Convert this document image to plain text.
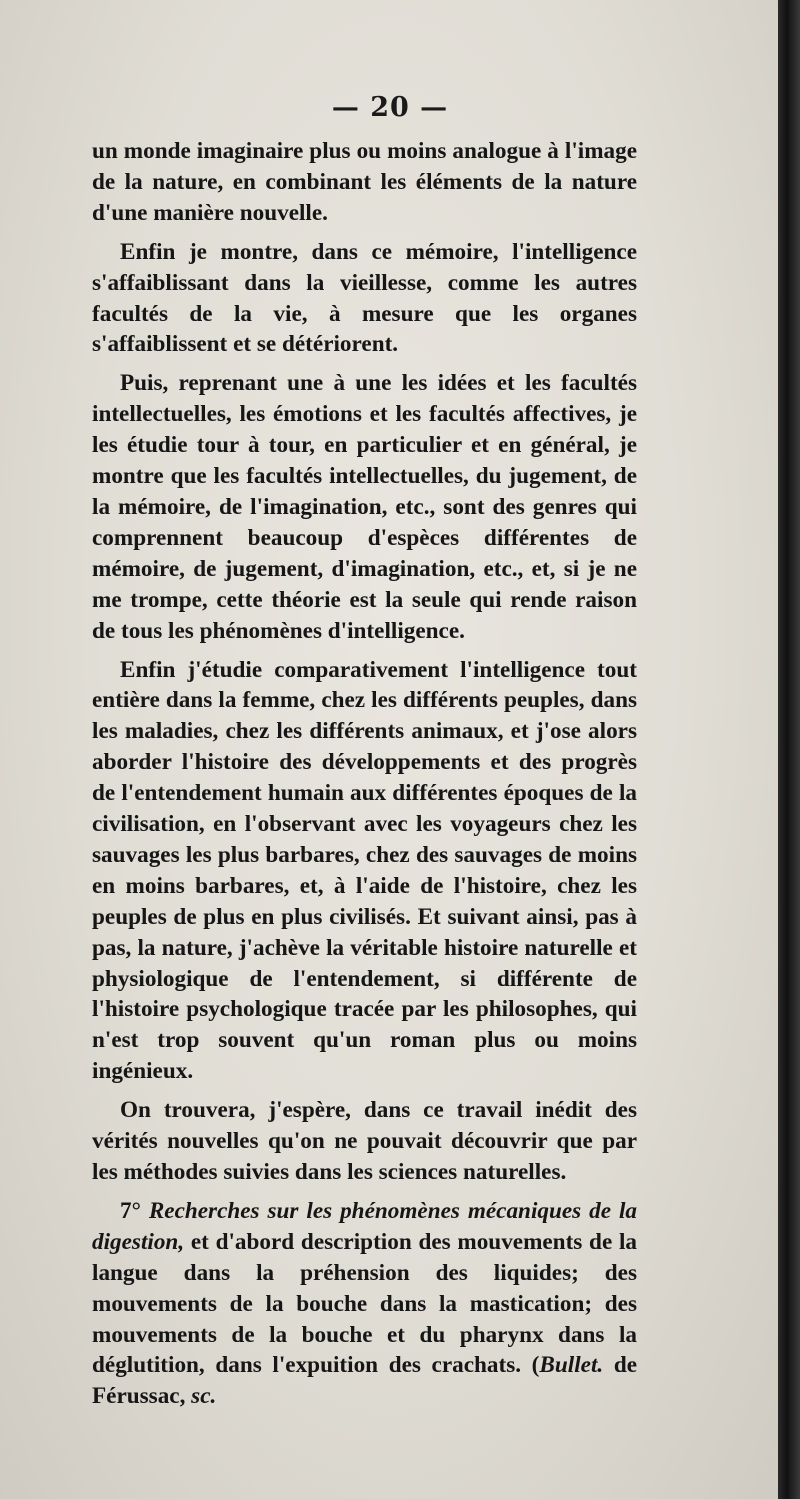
— 20 —

un monde imaginaire plus ou moins analogue à l'image de la nature, en combinant les éléments de la nature d'une manière nouvelle.

Enfin je montre, dans ce mémoire, l'intelligence s'affaiblissant dans la vieillesse, comme les autres facultés de la vie, à mesure que les organes s'affaiblissent et se détériorent.

Puis, reprenant une à une les idées et les facultés intellectuelles, les émotions et les facultés affectives, je les étudie tour à tour, en particulier et en général, je montre que les facultés intellectuelles, du jugement, de la mémoire, de l'imagination, etc., sont des genres qui comprennent beaucoup d'espèces différentes de mémoire, de jugement, d'imagination, etc., et, si je ne me trompe, cette théorie est la seule qui rende raison de tous les phénomènes d'intelligence.

Enfin j'étudie comparativement l'intelligence tout entière dans la femme, chez les différents peuples, dans les maladies, chez les différents animaux, et j'ose alors aborder l'histoire des développements et des progrès de l'entendement humain aux différentes époques de la civilisation, en l'observant avec les voyageurs chez les sauvages les plus barbares, chez des sauvages de moins en moins barbares, et, à l'aide de l'histoire, chez les peuples de plus en plus civilisés. Et suivant ainsi, pas à pas, la nature, j'achève la véritable histoire naturelle et physiologique de l'entendement, si différente de l'histoire psychologique tracée par les philosophes, qui n'est trop souvent qu'un roman plus ou moins ingénieux.

On trouvera, j'espère, dans ce travail inédit des vérités nouvelles qu'on ne pouvait découvrir que par les méthodes suivies dans les sciences naturelles.

7° Recherches sur les phénomènes mécaniques de la digestion, et d'abord description des mouvements de la langue dans la préhension des liquides; des mouvements de la bouche dans la mastication; des mouvements de la bouche et du pharynx dans la déglutition, dans l'expuition des crachats. (Bullet. de Férussac, sc.
